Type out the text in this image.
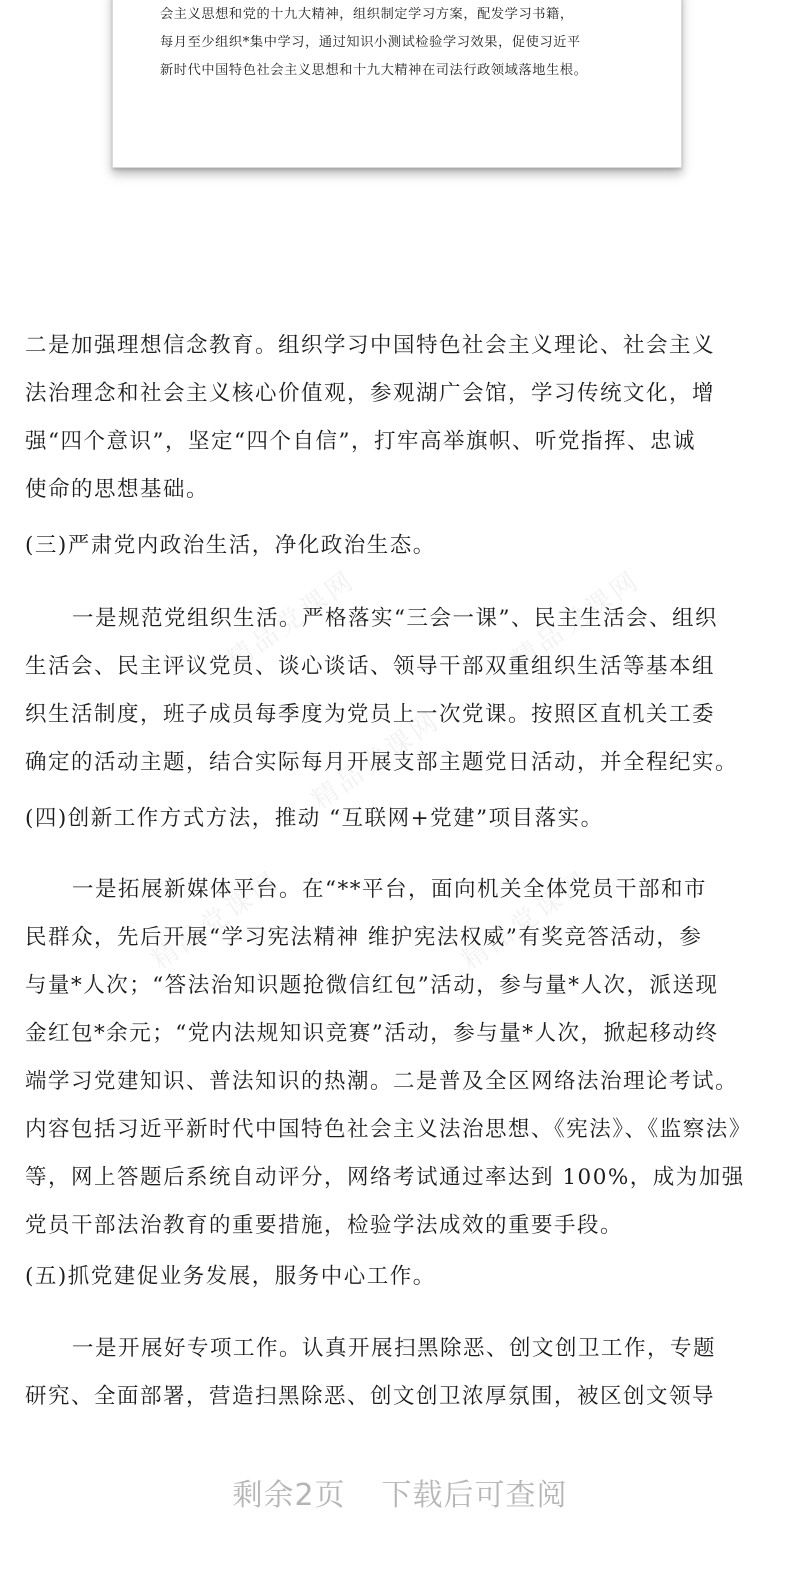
会主义思想和党的十九大精神，组织制定学习方案，配发学习书籍，
每月至少组织*集中学习，通过知识小测试检验学习效果，促使习近平
新时代中国特色社会主义思想和十九大精神在司法行政领域落地生根。
精品党课网	精品党课网
精品党课网
精品党课网	精品党课网
二是加强理想信念教育。组织学习中国特色社会主义理论、社会主义
法治理念和社会主义核心价值观，参观湖广会馆，学习传统文化，增
强“四个意识”，坚定“四个自信”，打牢高举旗帜、听党指挥、忠诚
使命的思想基础。
(三)严肃党内政治生活，净化政治生态。
一是规范党组织生活。严格落实“三会一课”、民主生活会、组织
生活会、民主评议党员、谈心谈话、领导干部双重组织生活等基本组
织生活制度，班子成员每季度为党员上一次党课。按照区直机关工委
确定的活动主题，结合实际每月开展支部主题党日活动，并全程纪实。
(四)创新工作方式方法，推动 “互联网+党建”项目落实。
一是拓展新媒体平台。在“**平台，面向机关全体党员干部和市
民群众，先后开展“学习宪法精神 维护宪法权威”有奖竞答活动，参
与量*人次；“答法治知识题抢微信红包”活动，参与量*人次，派送现
金红包*余元；“党内法规知识竞赛”活动，参与量*人次，掀起移动终
端学习党建知识、普法知识的热潮。二是普及全区网络法治理论考试。
内容包括习近平新时代中国特色社会主义法治思想、《宪法》、《监察法》
等，网上答题后系统自动评分，网络考试通过率达到 100%，成为加强
党员干部法治教育的重要措施，检验学法成效的重要手段。
(五)抓党建促业务发展，服务中心工作。
一是开展好专项工作。认真开展扫黑除恶、创文创卫工作，专题
研究、全面部署，营造扫黑除恶、创文创卫浓厚氛围，被区创文领导
剩余2页 下载后可查阅
